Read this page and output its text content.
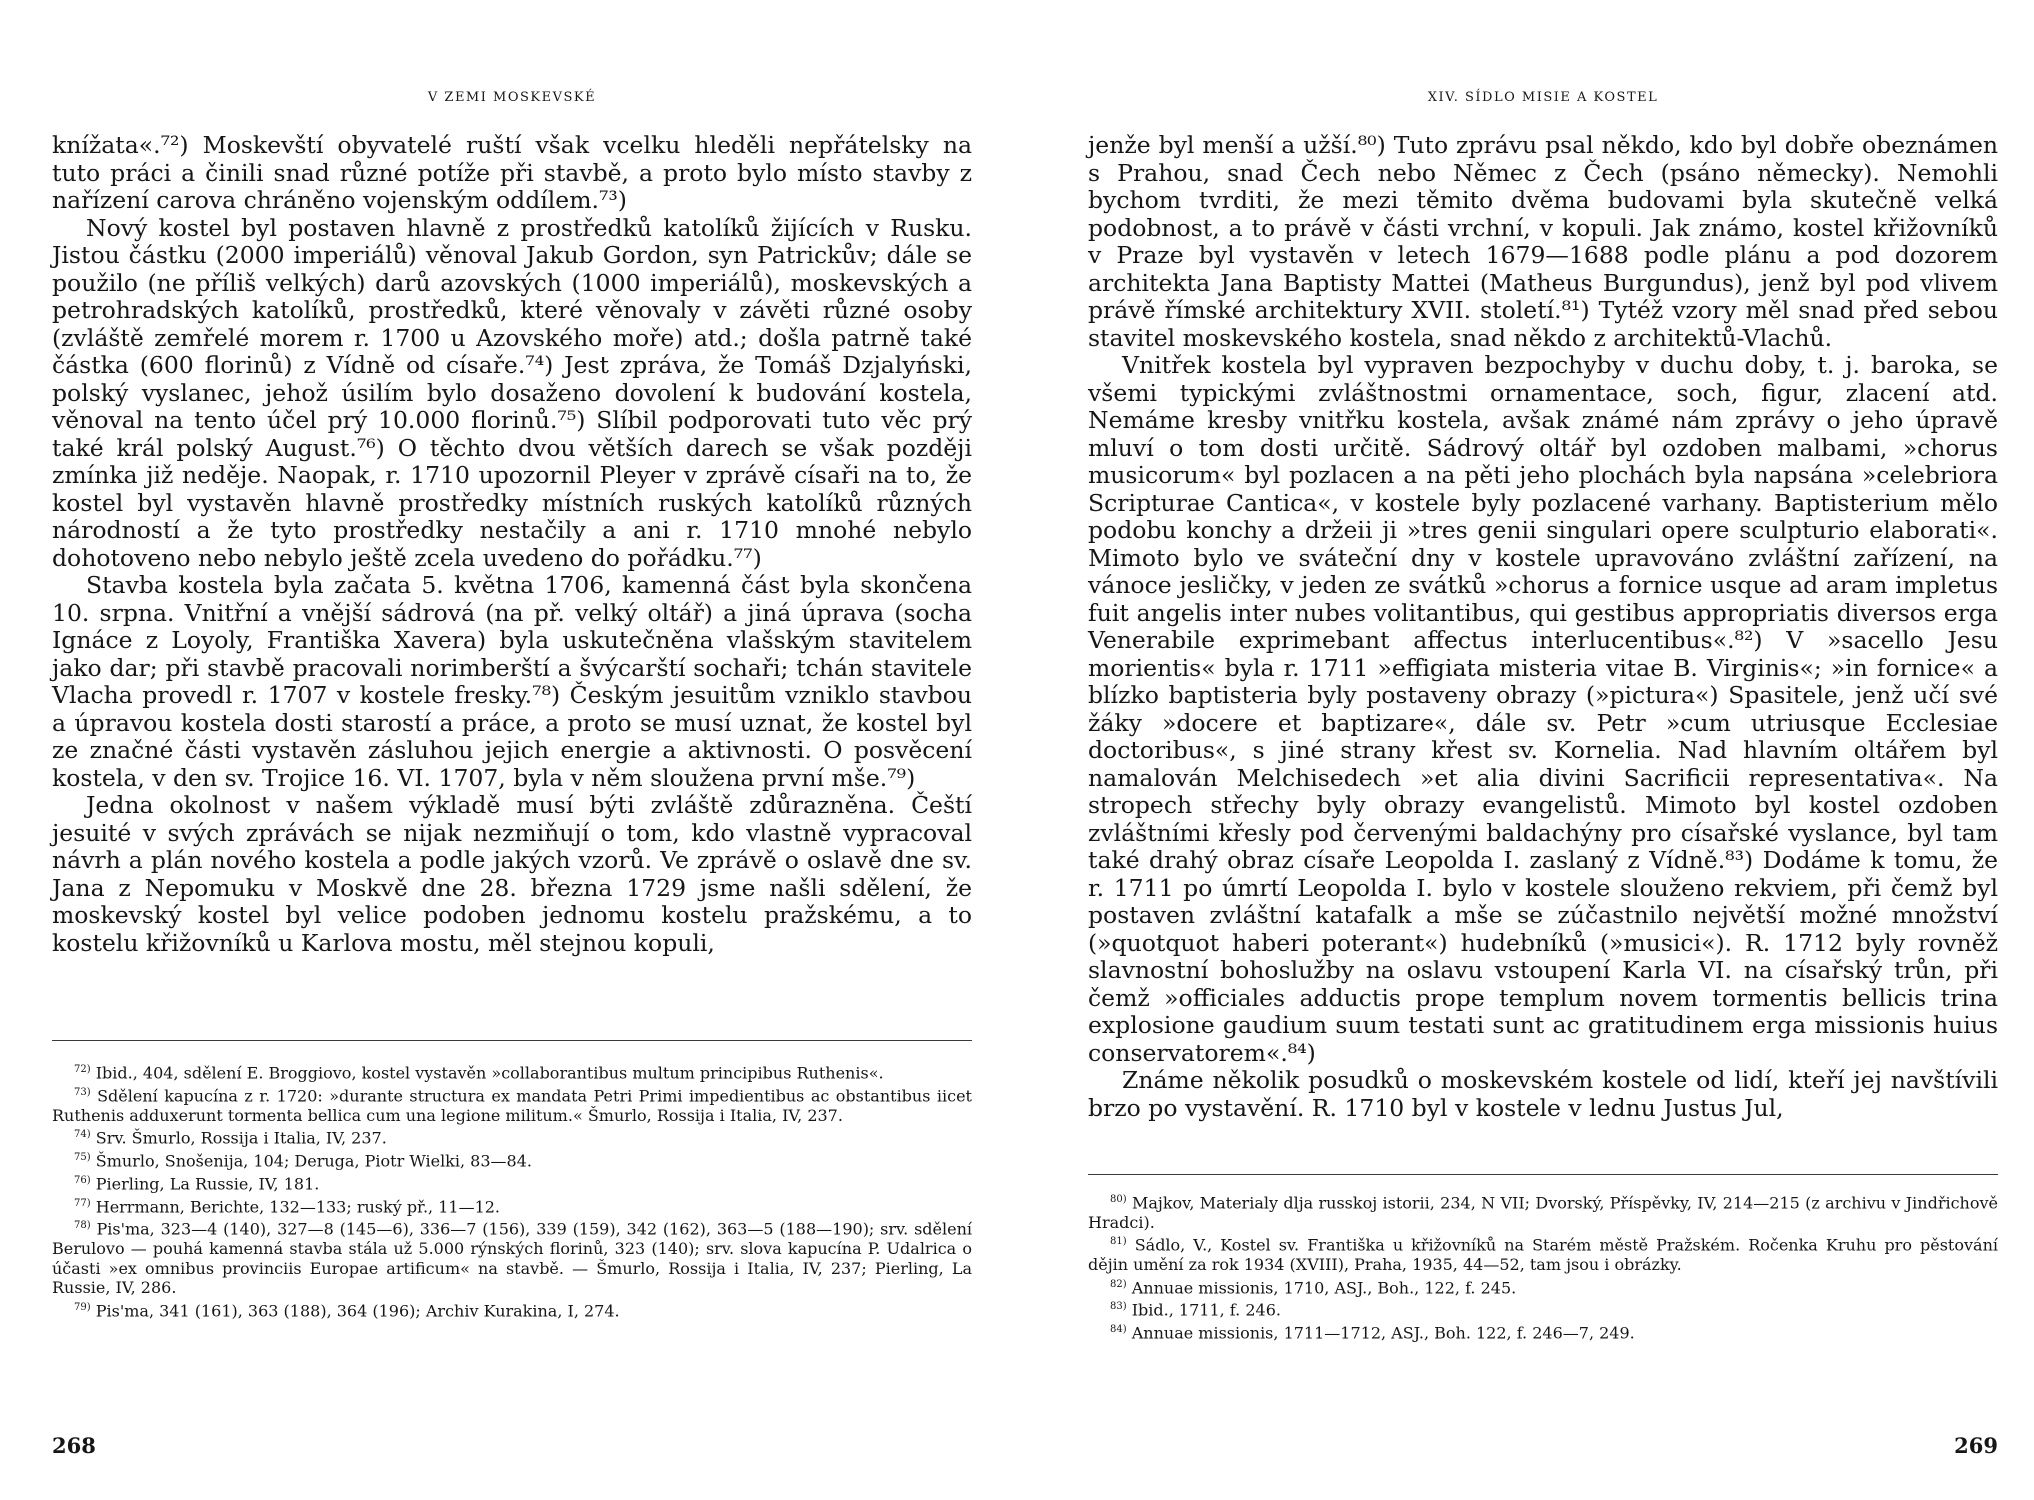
V ZEMI MOSKEVSKÉ

knížata«.⁷²) Moskevští obyvatelé ruští však vcelku hleděli nepřátelsky na tuto práci a činili snad různé potíže při stavbě, a proto bylo místo stavby z nařízení carova chráněno vojenským oddílem.⁷³)

Nový kostel byl postaven hlavně z prostředků katolíků žijících v Rusku. Jistou částku (2000 imperiálů) věnoval Jakub Gordon, syn Patrickův; dále se použilo (ne příliš velkých) darů azovských (1000 imperiálů), moskevských a petrohradských katolíků, prostředků, které věnovaly v závěti různé osoby (zvláště zemřelé morem r. 1700 u Azovského moře) atd.; došla patrně také částka (600 florinů) z Vídně od císaře.⁷⁴) Jest zpráva, že Tomáš Dzjalyński, polský vyslanec, jehož úsilím bylo dosaženo dovolení k budování kostela, věnoval na tento účel prý 10.000 florinů.⁷⁵) Slíbil podporovati tuto věc prý také král polský August.⁷⁶) O těchto dvou větších darech se však později zmínka již neděje. Naopak, r. 1710 upozornil Pleyer v zprávě císaři na to, že kostel byl vystavěn hlavně prostředky místních ruských katolíků různých národností a že tyto prostředky nestačily a ani r. 1710 mnohé nebylo dohotoveno nebo nebylo ještě zcela uvedeno do pořádku.⁷⁷)

Stavba kostela byla začata 5. května 1706, kamenná část byla skončena 10. srpna. Vnitřní a vnější sádrová (na př. velký oltář) a jiná úprava (socha Ignáce z Loyoly, Františka Xavera) byla uskutečněna vlašským stavitelem jako dar; při stavbě pracovali norimberští a švýcarští sochaři; tchán stavitele Vlacha provedl r. 1707 v kostele fresky.⁷⁸) Českým jesuitům vzniklo stavbou a úpravou kostela dosti starostí a práce, a proto se musí uznat, že kostel byl ze značné části vystavěn zásluhou jejich energie a aktivnosti. O posvěcení kostela, v den sv. Trojice 16. VI. 1707, byla v něm sloužena první mše.⁷⁹)

Jedna okolnost v našem výkladě musí býti zvláště zdůrazněna. Čeští jesuité v svých zprávách se nijak nezmiňují o tom, kdo vlastně vypracoval návrh a plán nového kostela a podle jakých vzorů. Ve zprávě o oslavě dne sv. Jana z Nepomuku v Moskvě dne 28. března 1729 jsme našli sdělení, že moskevský kostel byl velice podoben jednomu kostelu pražskému, a to kostelu křižovníků u Karlova mostu, měl stejnou kopuli,

$^{72)}$ Ibid., 404, sdělení E. Broggiovo, kostel vystavěn »collaborantibus multum principibus Ruthenis«.

$^{73)}$ Sdělení kapucína z r. 1720: »durante structura ex mandata Petri Primi impedientibus ac obstantibus iicet Ruthenis adduxerunt tormenta bellica cum una legione militum.« Šmurlo, Rossija i Italia, IV, 237.

$^{74)}$ Srv. Šmurlo, Rossija i Italia, IV, 237.

$^{75)}$ Šmurlo, Snošenija, 104; Deruga, Piotr Wielki, 83—84.

$^{76)}$ Pierling, La Russie, IV, 181.

$^{77)}$ Herrmann, Berichte, 132—133; ruský př., 11—12.

$^{78)}$ Pis'ma, 323—4 (140), 327—8 (145—6), 336—7 (156), 339 (159), 342 (162), 363—5 (188—190); srv. sdělení Berulovo — pouhá kamenná stavba stála už 5.000 rýnských florinů, 323 (140); srv. slova kapucína P. Udalrica o účasti »ex omnibus provinciis Europae artificum« na stavbě. — Šmurlo, Rossija i Italia, IV, 237; Pierling, La Russie, IV, 286.

$^{79)}$ Pis'ma, 341 (161), 363 (188), 364 (196); Archiv Kurakina, I, 274.

268
XIV. SÍDLO MISIE A KOSTEL

jenže byl menší a užší.⁸⁰) Tuto zprávu psal někdo, kdo byl dobře obeznámen s Prahou, snad Čech nebo Němec z Čech (psáno německy). Nemohli bychom tvrditi, že mezi těmito dvěma budovami byla skutečně velká podobnost, a to právě v části vrchní, v kopuli. Jak známo, kostel křižovníků v Praze byl vystavěn v letech 1679—1688 podle plánu a pod dozorem architekta Jana Baptisty Mattei (Matheus Burgundus), jenž byl pod vlivem právě římské architektury XVII. století.⁸¹) Tytéž vzory měl snad před sebou stavitel moskevského kostela, snad někdo z architektů-Vlachů.

Vnitřek kostela byl vypraven bezpochyby v duchu doby, t. j. baroka, se všemi typickými zvláštnostmi ornamentace, soch, figur, zlacení atd. Nemáme kresby vnitřku kostela, avšak známé nám zprávy o jeho úpravě mluví o tom dosti určitě. Sádrový oltář byl ozdoben malbami, »chorus musicorum« byl pozlacen a na pěti jeho plochách byla napsána »celebriora Scripturae Cantica«, v kostele byly pozlacené varhany. Baptisterium mělo podobu konchy a držeii ji »tres genii singulari opere sculpturio elaborati«. Mimoto bylo ve sváteční dny v kostele upravováno zvláštní zařízení, na vánoce jesličky, v jeden ze svátků »chorus a fornice usque ad aram impletus fuit angelis inter nubes volitantibus, qui gestibus appropriatis diversos erga Venerabile exprimebant affectus interlucentibus«.⁸²) V »sacello Jesu morientis« byla r. 1711 »effigiata misteria vitae B. Virginis«; »in fornice« a blízko baptisteria byly postaveny obrazy (»pictura«) Spasitele, jenž učí své žáky »docere et baptizare«, dále sv. Petr »cum utriusque Ecclesiae doctoribus«, s jiné strany křest sv. Kornelia. Nad hlavním oltářem byl namalován Melchisedech »et alia divini Sacrificii representativa«. Na stropech střechy byly obrazy evangelistů. Mimoto byl kostel ozdoben zvláštními křesly pod červenými baldachýny pro císařské vyslance, byl tam také drahý obraz císaře Leopolda I. zaslaný z Vídně.⁸³) Dodáme k tomu, že r. 1711 po úmrtí Leopolda I. bylo v kostele slouženo rekviem, při čemž byl postaven zvláštní katafalk a mše se zúčastnilo největší možné množství (»quotquot haberi poterant«) hudebníků (»musici«). R. 1712 byly rovněž slavnostní bohoslužby na oslavu vstoupení Karla VI. na císařský trůn, při čemž »officiales adductis prope templum novem tormentis bellicis trina explosione gaudium suum testati sunt ac gratitudinem erga missionis huius conservatorem«.⁸⁴)

Známe několik posudků o moskevském kostele od lidí, kteří jej navštívili brzo po vystavění. R. 1710 byl v kostele v lednu Justus Jul,

$^{80)}$ Majkov, Materialy dlja russkoj istorii, 234, N VII; Dvorský, Příspěvky, IV, 214—215 (z archivu v Jindřichově Hradci).

$^{81)}$ Sádlo, V., Kostel sv. Františka u křižovníků na Starém městě Pražském. Ročenka Kruhu pro pěstování dějin umění za rok 1934 (XVIII), Praha, 1935, 44—52, tam jsou i obrázky.

$^{82)}$ Annuae missionis, 1710, ASJ., Boh., 122, f. 245.

$^{83)}$ Ibid., 1711, f. 246.

$^{84)}$ Annuae missionis, 1711—1712, ASJ., Boh. 122, f. 246—7, 249.

269
